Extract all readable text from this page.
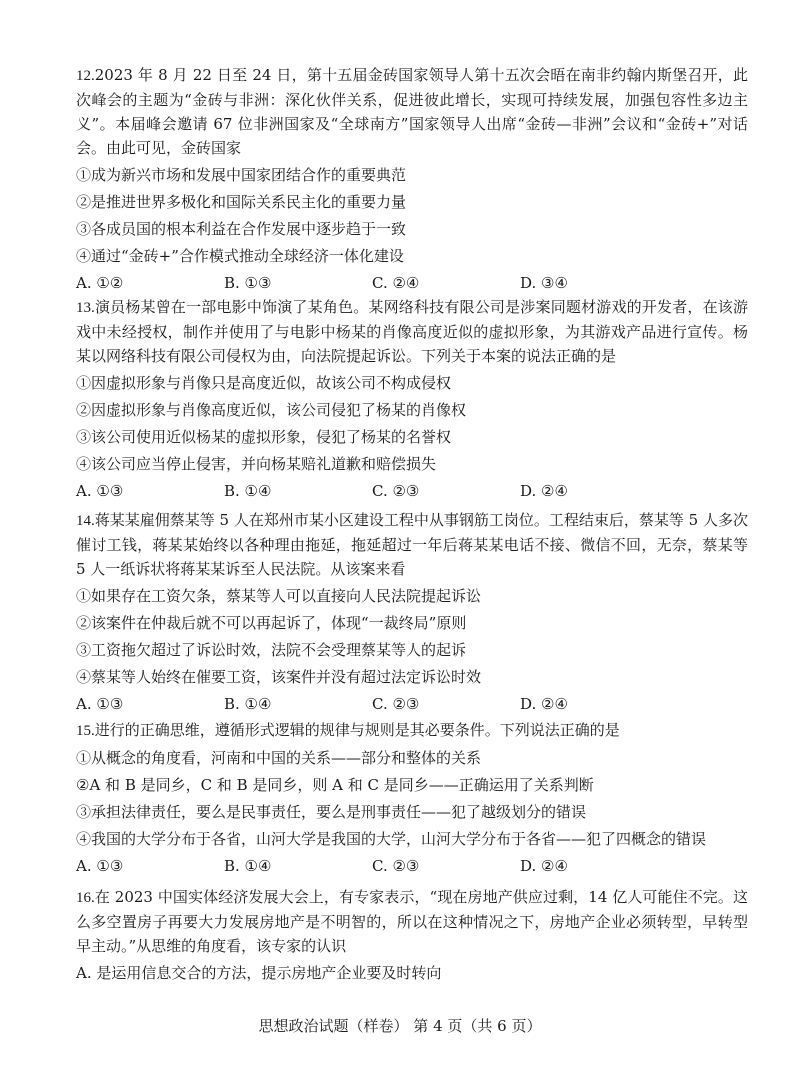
12.2023 年 8 月 22 日至 24 日，第十五届金砖国家领导人第十五次会晤在南非约翰内斯堡召开，此次峰会的主题为“金砖与非洲：深化伙伴关系，促进彼此增长，实现可持续发展，加强包容性多边主义”。本届峰会邀请 67 位非洲国家及“全球南方”国家领导人出席“金砖—非洲”会议和“金砖+”对话会。由此可见，金砖国家

①成为新兴市场和发展中国家团结合作的重要典范
②是推进世界多极化和国际关系民主化的重要力量
③各成员国的根本利益在合作发展中逐步趋于一致
④通过“金砖+”合作模式推动全球经济一体化建设
A. ①②	B. ①③	C. ②④	D. ③④

13.演员杨某曾在一部电影中饰演了某角色。某网络科技有限公司是涉案同题材游戏的开发者，在该游戏中未经授权，制作并使用了与电影中杨某的肖像高度近似的虚拟形象，为其游戏产品进行宣传。杨某以网络科技有限公司侵权为由，向法院提起诉讼。下列关于本案的说法正确的是

①因虚拟形象与肖像只是高度近似，故该公司不构成侵权
②因虚拟形象与肖像高度近似，该公司侵犯了杨某的肖像权
③该公司使用近似杨某的虚拟形象，侵犯了杨某的名誉权
④该公司应当停止侵害，并向杨某赔礼道歉和赔偿损失
A. ①③	B. ①④	C. ②③	D. ②④

14.蒋某某雇佣蔡某等 5 人在郑州市某小区建设工程中从事钢筋工岗位。工程结束后，蔡某等 5 人多次催讨工钱，蒋某某始终以各种理由拖延，拖延超过一年后蒋某某电话不接、微信不回，无奈，蔡某等 5 人一纸诉状将蒋某某诉至人民法院。从该案来看

①如果存在工资欠条，蔡某等人可以直接向人民法院提起诉讼
②该案件在仲裁后就不可以再起诉了，体现“一裁终局”原则
③工资拖欠超过了诉讼时效，法院不会受理蔡某等人的起诉
④蔡某等人始终在催要工资，该案件并没有超过法定诉讼时效
A. ①③	B. ①④	C. ②③	D. ②④

15.进行的正确思维，遵循形式逻辑的规律与规则是其必要条件。下列说法正确的是

①从概念的角度看，河南和中国的关系——部分和整体的关系
②A 和 B 是同乡，C 和 B 是同乡，则 A 和 C 是同乡——正确运用了关系判断
③承担法律责任，要么是民事责任，要么是刑事责任——犯了越级划分的错误
④我国的大学分布于各省，山河大学是我国的大学，山河大学分布于各省——犯了四概念的错误
A. ①③	B. ①④	C. ②③	D. ②④

16.在 2023 中国实体经济发展大会上，有专家表示，“现在房地产供应过剩，14 亿人可能住不完。这么多空置房子再要大力发展房地产是不明智的，所以在这种情况之下，房地产企业必须转型，早转型早主动。”从思维的角度看，该专家的认识

A. 是运用信息交合的方法，提示房地产企业要及时转向
思想政治试题（样卷） 第 4 页（共 6 页）
